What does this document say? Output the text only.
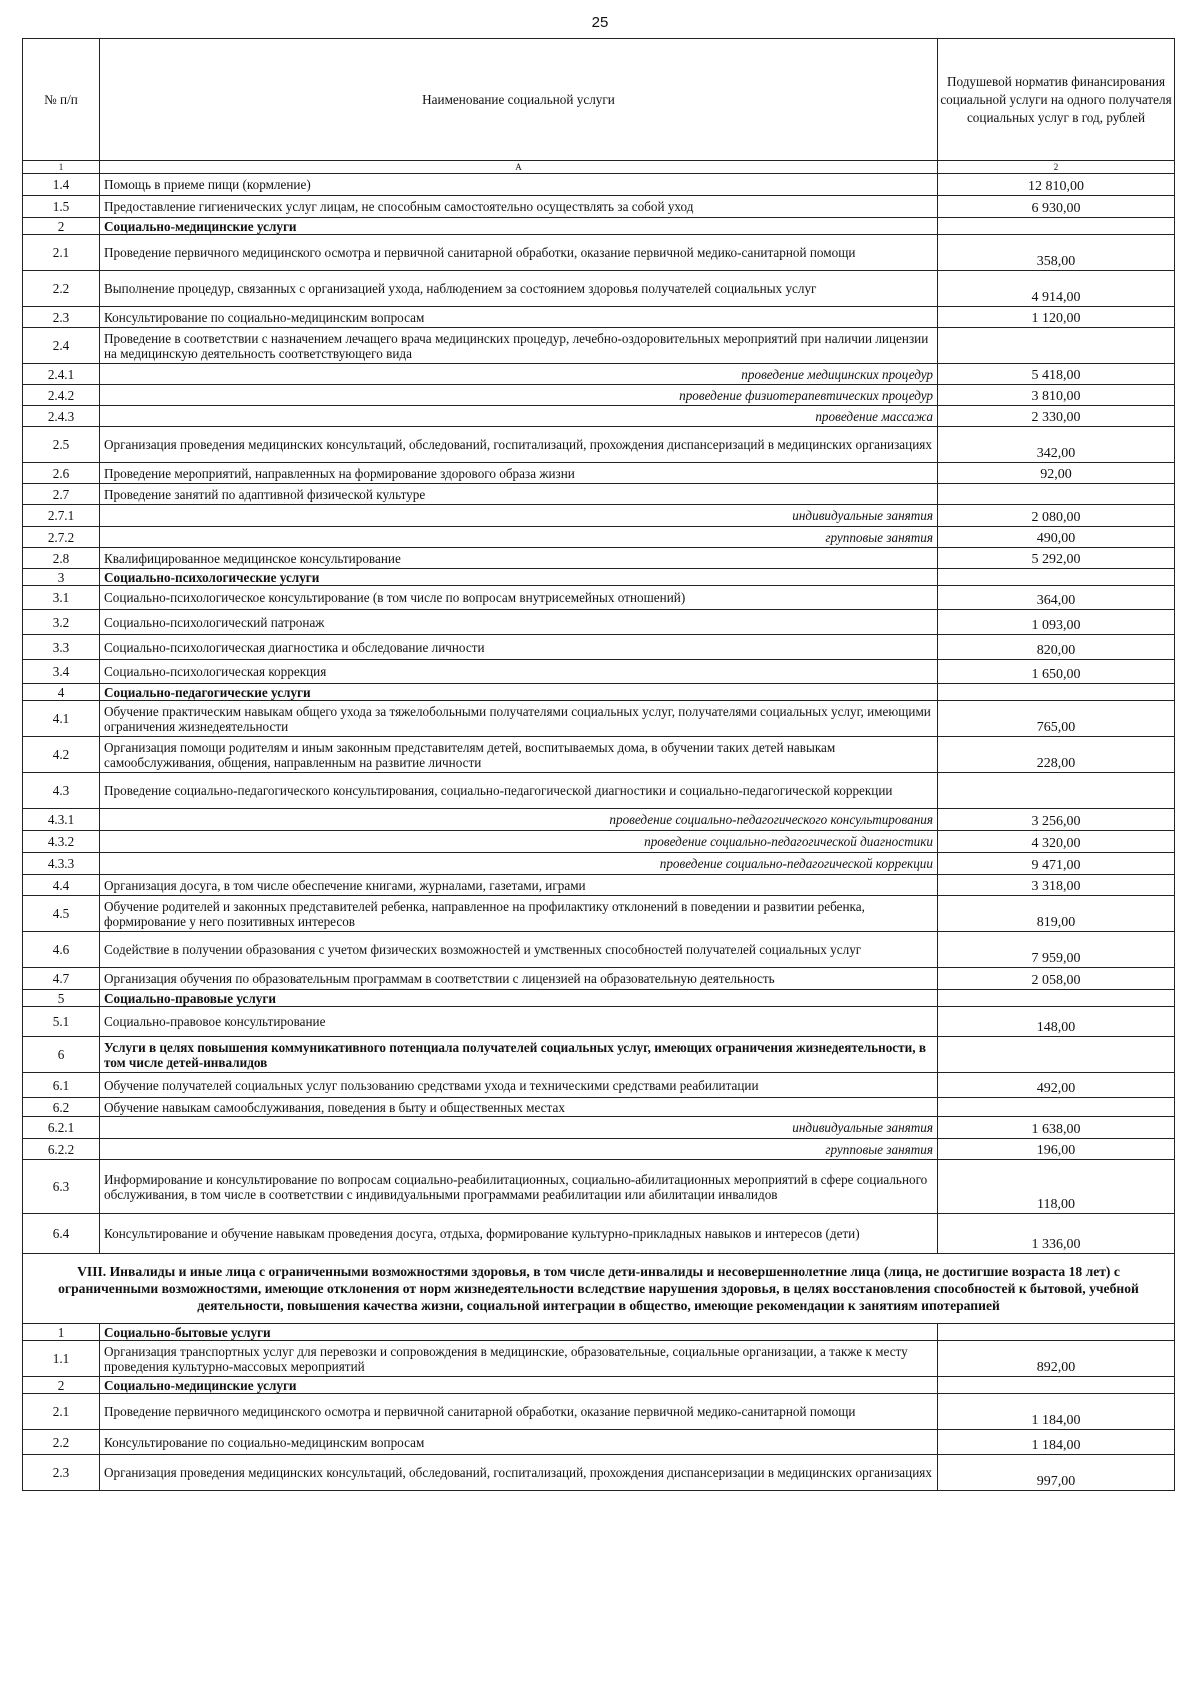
25
№ п/п	Наименование социальной услуги	Подушевой норматив финансирования социальной услуги на одного получателя социальных услуг в год, рублей
1	А	2
1.4	Помощь в приеме пищи (кормление)	12 810,00
1.5	Предоставление гигиенических услуг лицам, не способным самостоятельно осуществлять за собой уход	6 930,00
2	Социально-медицинские услуги	
2.1	Проведение первичного медицинского осмотра и первичной санитарной обработки, оказание первичной медико-санитарной помощи	358,00
2.2	Выполнение процедур, связанных с организацией ухода, наблюдением за состоянием здоровья получателей социальных услуг	4 914,00
2.3	Консультирование по социально-медицинским вопросам	1 120,00
2.4	Проведение в соответствии с назначением лечащего врача медицинских процедур, лечебно-оздоровительных мероприятий при наличии лицензии на медицинскую деятельность соответствующего вида	
2.4.1	проведение медицинских процедур	5 418,00
2.4.2	проведение физиотерапевтических процедур	3 810,00
2.4.3	проведение массажа	2 330,00
2.5	Организация проведения медицинских консультаций, обследований, госпитализаций, прохождения диспансеризаций в медицинских организациях	342,00
2.6	Проведение мероприятий, направленных на формирование здорового образа жизни	92,00
2.7	Проведение занятий по адаптивной физической культуре	
2.7.1	индивидуальные занятия	2 080,00
2.7.2	групповые занятия	490,00
2.8	Квалифицированное медицинское консультирование	5 292,00
3	Социально-психологические услуги	
3.1	Социально-психологическое консультирование (в том числе по вопросам внутрисемейных отношений)	364,00
3.2	Социально-психологический патронаж	1 093,00
3.3	Социально-психологическая диагностика и обследование личности	820,00
3.4	Социально-психологическая коррекция	1 650,00
4	Социально-педагогические услуги	
4.1	Обучение практическим навыкам общего ухода за тяжелобольными получателями социальных услуг, получателями социальных услуг, имеющими ограничения жизнедеятельности	765,00
4.2	Организация помощи родителям и иным законным представителям детей, воспитываемых дома, в обучении таких детей навыкам самообслуживания, общения, направленным на развитие личности	228,00
4.3	Проведение социально-педагогического консультирования, социально-педагогической диагностики и социально-педагогической коррекции	
4.3.1	проведение социально-педагогического консультирования	3 256,00
4.3.2	проведение социально-педагогической диагностики	4 320,00
4.3.3	проведение социально-педагогической коррекции	9 471,00
4.4	Организация досуга, в том числе обеспечение книгами, журналами, газетами, играми	3 318,00
4.5	Обучение родителей и законных представителей ребенка, направленное на профилактику отклонений в поведении и развитии ребенка, формирование у него позитивных интересов	819,00
4.6	Содействие в получении образования с учетом физических возможностей и умственных способностей получателей социальных услуг	7 959,00
4.7	Организация обучения по образовательным программам в соответствии с лицензией на образовательную деятельность	2 058,00
5	Социально-правовые услуги	
5.1	Социально-правовое консультирование	148,00
6	Услуги в целях повышения коммуникативного потенциала получателей социальных услуг, имеющих ограничения жизнедеятельности, в том числе детей-инвалидов	
6.1	Обучение получателей социальных услуг пользованию средствами ухода и техническими средствами реабилитации	492,00
6.2	Обучение навыкам самообслуживания, поведения в быту и общественных местах	
6.2.1	индивидуальные занятия	1 638,00
6.2.2	групповые занятия	196,00
6.3	Информирование и консультирование по вопросам социально-реабилитационных, социально-абилитационных мероприятий в сфере социального обслуживания, в том числе в соответствии с индивидуальными программами реабилитации или абилитации инвалидов	118,00
6.4	Консультирование и обучение навыкам проведения досуга, отдыха, формирование культурно-прикладных навыков и интересов (дети)	1 336,00
VIII. Инвалиды и иные лица с ограниченными возможностями здоровья, в том числе дети-инвалиды и несовершеннолетние лица (лица, не достигшие возраста 18 лет) с ограниченными возможностями, имеющие отклонения от норм жизнедеятельности вследствие нарушения здоровья, в целях восстановления способностей к бытовой, учебной деятельности, повышения качества жизни, социальной интеграции в общество, имеющие рекомендации к занятиям ипотерапией		
1	Социально-бытовые услуги	
1.1	Организация транспортных услуг для перевозки и сопровождения в медицинские, образовательные, социальные организации, а также к месту проведения культурно-массовых мероприятий	892,00
2	Социально-медицинские услуги	
2.1	Проведение первичного медицинского осмотра и первичной санитарной обработки, оказание первичной медико-санитарной помощи	1 184,00
2.2	Консультирование по социально-медицинским вопросам	1 184,00
2.3	Организация проведения медицинских консультаций, обследований, госпитализаций, прохождения диспансеризации в медицинских организациях	997,00
